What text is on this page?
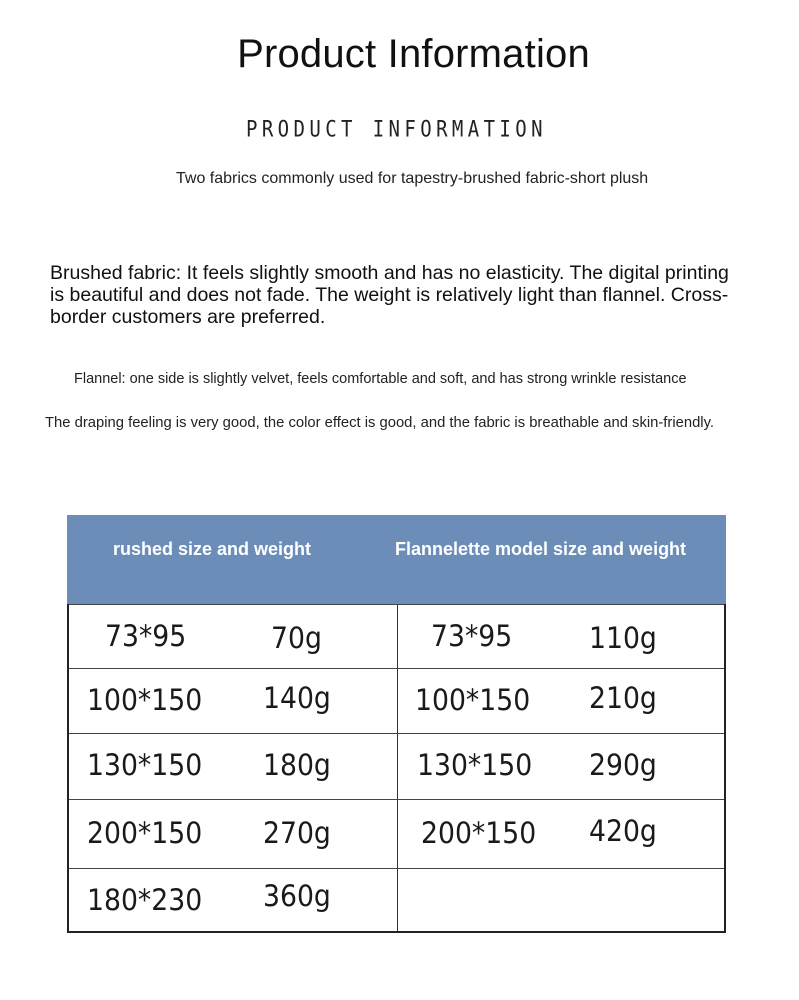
Product Information
PRODUCT INFORMATION
Two fabrics commonly used for tapestry-brushed fabric-short plush
Brushed fabric: It feels slightly smooth and has no elasticity. The digital printing is beautiful and does not fade. The weight is relatively light than flannel. Cross-border customers are preferred.
Flannel: one side is slightly velvet, feels comfortable and soft, and has strong wrinkle resistance
The draping feeling is very good, the color effect is good, and the fabric is breathable and skin-friendly.
rushed size and weight	Flannelette model size and weight
73*95	70g	73*95	110g
100*150 140g	100*150 210g
130*150 180g	130*150 290g
200*150 270g	200*150 420g
180*230 360g
